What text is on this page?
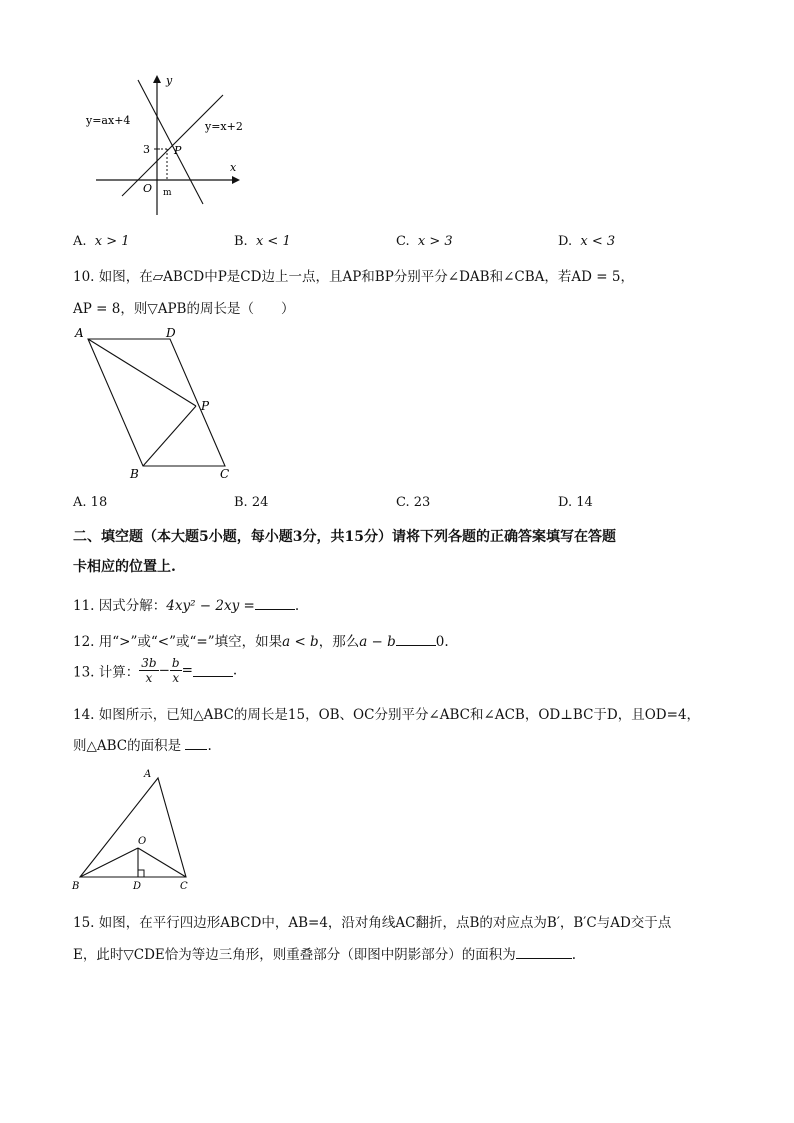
y
x
O
y=ax+4	y=x+2
3 P
m
A. x > 1	B. x < 1	C. x > 3	D. x < 3
10. 如图，在▱ABCD中P是CD边上一点，且AP和BP分别平分∠DAB和∠CBA，若AD = 5，
AP = 8，则▽APB的周长是（　　）
A	D
P
B	C
A. 18	B. 24	C. 23	D. 14
二、填空题（本大题5小题，每小题3分，共15分）请将下列各题的正确答案填写在答题
卡相应的位置上.
11. 因式分解：4xy² − 2xy =	.
12. 用“>”或“<”或“=”填空，如果a < b，那么a − b	0.
13. 计算： $\frac{3b}{x} - \frac{b}{x}$ =	.
14. 如图所示，已知△ABC的周长是15，OB、OC分别平分∠ABC和∠ACB，OD⊥BC于D，且OD=4，
则△ABC的面积是 .
A
O
B	D	C
15. 如图，在平行四边形ABCD中，AB=4，沿对角线AC翻折，点B的对应点为B′，B′C与AD交于点
E，此时▽CDE恰为等边三角形，则重叠部分（即图中阴影部分）的面积为	.
